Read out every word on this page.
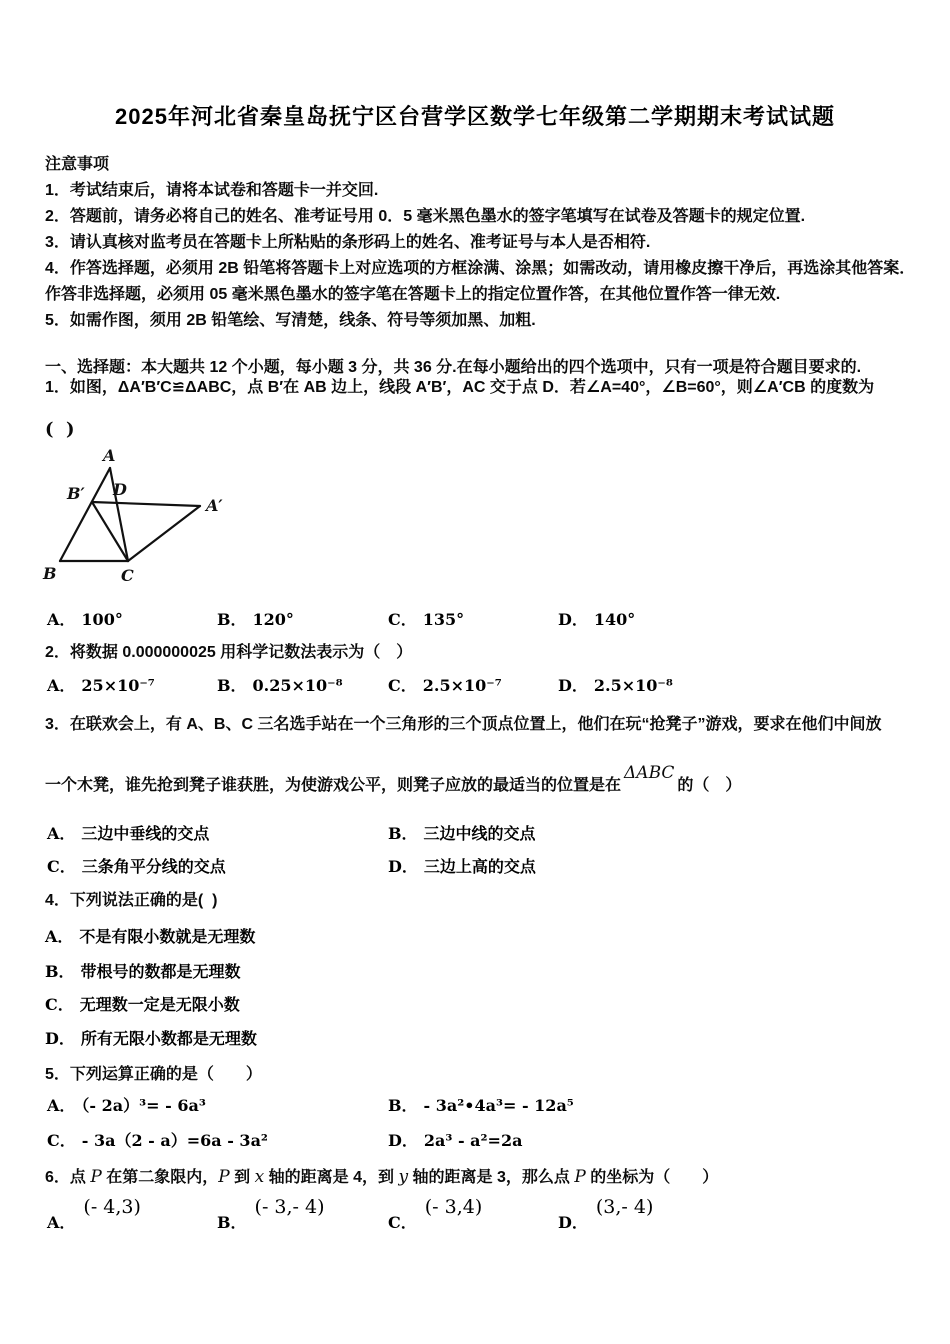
2025年河北省秦皇岛抚宁区台营学区数学七年级第二学期期末考试试题
注意事项
1．考试结束后，请将本试卷和答题卡一并交回.
2．答题前，请务必将自己的姓名、准考证号用 0．5 毫米黑色墨水的签字笔填写在试卷及答题卡的规定位置.
3．请认真核对监考员在答题卡上所粘贴的条形码上的姓名、准考证号与本人是否相符.
4．作答选择题，必须用 2B 铅笔将答题卡上对应选项的方框涂满、涂黑；如需改动，请用橡皮擦干净后，再选涂其他答案．作答非选择题，必须用 05 毫米黑色墨水的签字笔在答题卡上的指定位置作答，在其他位置作答一律无效.
5．如需作图，须用 2B 铅笔绘、写清楚，线条、符号等须加黑、加粗.
一、选择题：本大题共 12 个小题，每小题 3 分，共 36 分.在每小题给出的四个选项中，只有一项是符合题目要求的.
1．如图，ΔA′B′C≌ΔABC，点 B′在 AB 边上，线段 A′B′，AC 交于点 D．若∠A=40°，∠B=60°，则∠A′CB 的度数为
(  )
A
B′ D
A′
B	C
A． 100°	B． 120°	C． 135°	D． 140°
2．将数据 0.000000025 用科学记数法表示为（　）
A． 25×10⁻⁷	B． 0.25×10⁻⁸	C． 2.5×10⁻⁷	D． 2.5×10⁻⁸
3．在联欢会上，有 A、B、C 三名选手站在一个三角形的三个顶点位置上，他们在玩“抢凳子”游戏，要求在他们中间放
一个木凳，谁先抢到凳子谁获胜，为使游戏公平，则凳子应放的最适当的位置是在ΔABC的（　）
A． 三边中垂线的交点	B． 三边中线的交点
C． 三条角平分线的交点	D． 三边上高的交点
4．下列说法正确的是(  )
A． 不是有限小数就是无理数
B． 带根号的数都是无理数
C． 无理数一定是无限小数
D． 所有无限小数都是无理数
5．下列运算正确的是（　　）
A． （- 2a）³= - 6a³	B． - 3a²•4a³= - 12a⁵
C． - 3a（2 - a）=6a - 3a²	D． 2a³ - a²=2a
6．点 P 在第二象限内，P 到 x 轴的距离是 4，到 y 轴的距离是 3，那么点 P 的坐标为（　　）
A．
(- 4,3)
B．
(- 3,- 4)
C．
(- 3,4)
D．
(3,- 4)
